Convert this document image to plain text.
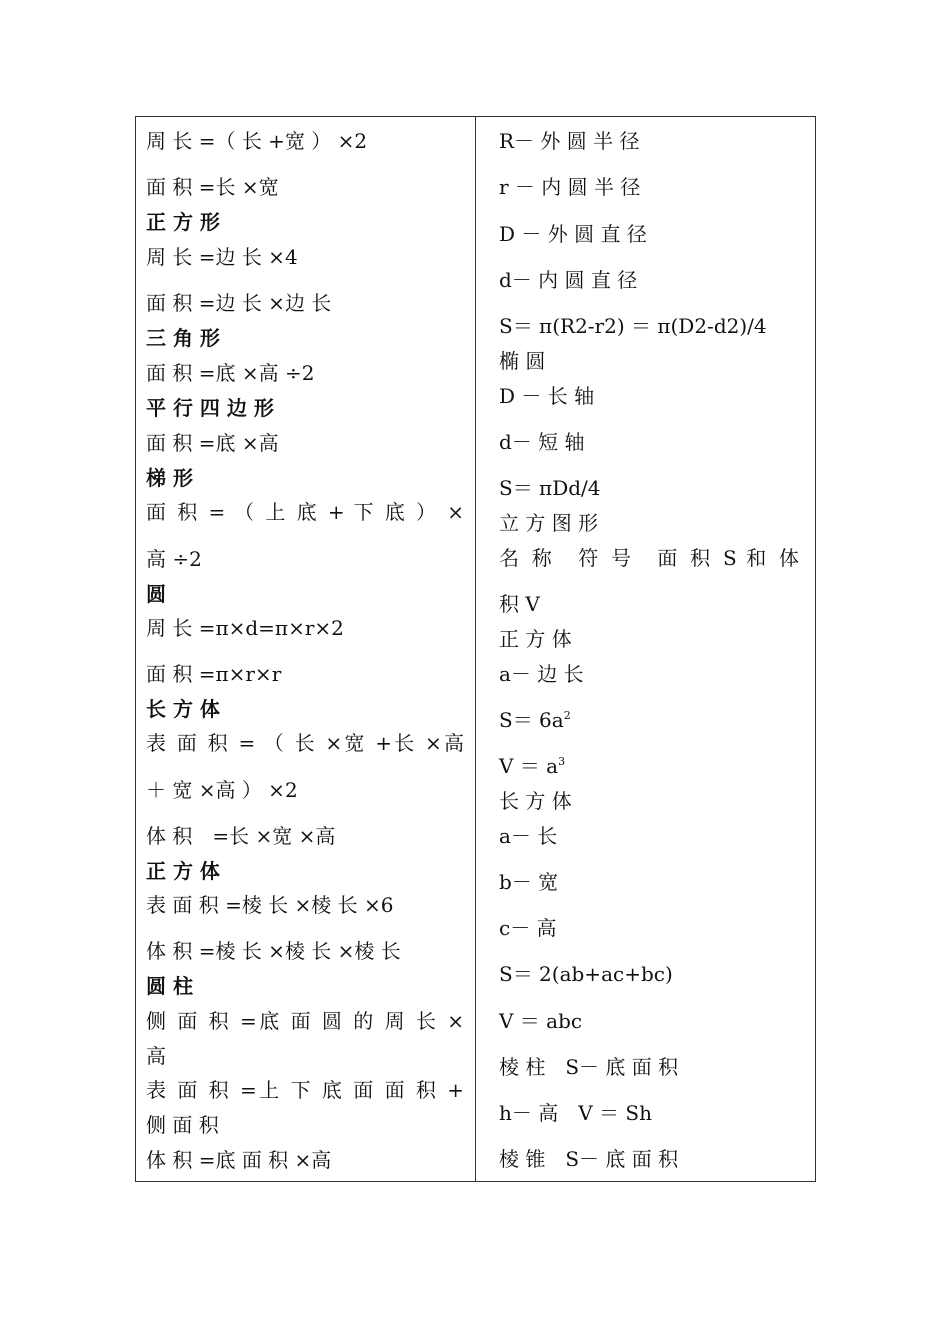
周 长 =（ 长 +宽 ） ×2
面 积 =长 ×宽
正 方 形
周 长 =边 长 ×4
面 积 =边 长 ×边 长
三 角 形
面 积 =底 ×高 ÷2
平 行 四 边 形
面 积 =底 ×高
梯 形
面 积 = （ 上 底 + 下 底 ） ×
高 ÷2
圆
周 长 =π×d=π×r×2
面 积 =π×r×r
长 方 体
表 面 积 = （ 长 ×宽 +长 ×高
＋ 宽 ×高 ） ×2
体 积　=长 ×宽 ×高
正 方 体
表 面 积 =棱 长 ×棱 长 ×6
体 积 =棱 长 ×棱 长 ×棱 长
圆 柱
侧 面 积 =底 面 圆 的 周 长 ×
高
表 面 积 =上 下 底 面 面 积 +
侧 面 积
体 积 =底 面 积 ×高
R－ 外 圆 半 径
r － 内 圆 半 径
D － 外 圆 直 径
d－ 内 圆 直 径
S＝ π(R2-r2) ＝ π(D2-d2)/4
椭 圆
D － 长 轴
d－ 短 轴
S＝ πDd/4
立 方 图 形
名 称　符 号　面 积 S 和 体
积 V
正 方 体
a－ 边 长
$S= 6a^2$
$V = a^3$
长 方 体
a－ 长
b－ 宽
c－ 高
S＝ 2(ab+ac+bc)
V ＝ abc
棱 柱　S－ 底 面 积
h－ 高　V ＝ Sh
棱 锥　S－ 底 面 积
